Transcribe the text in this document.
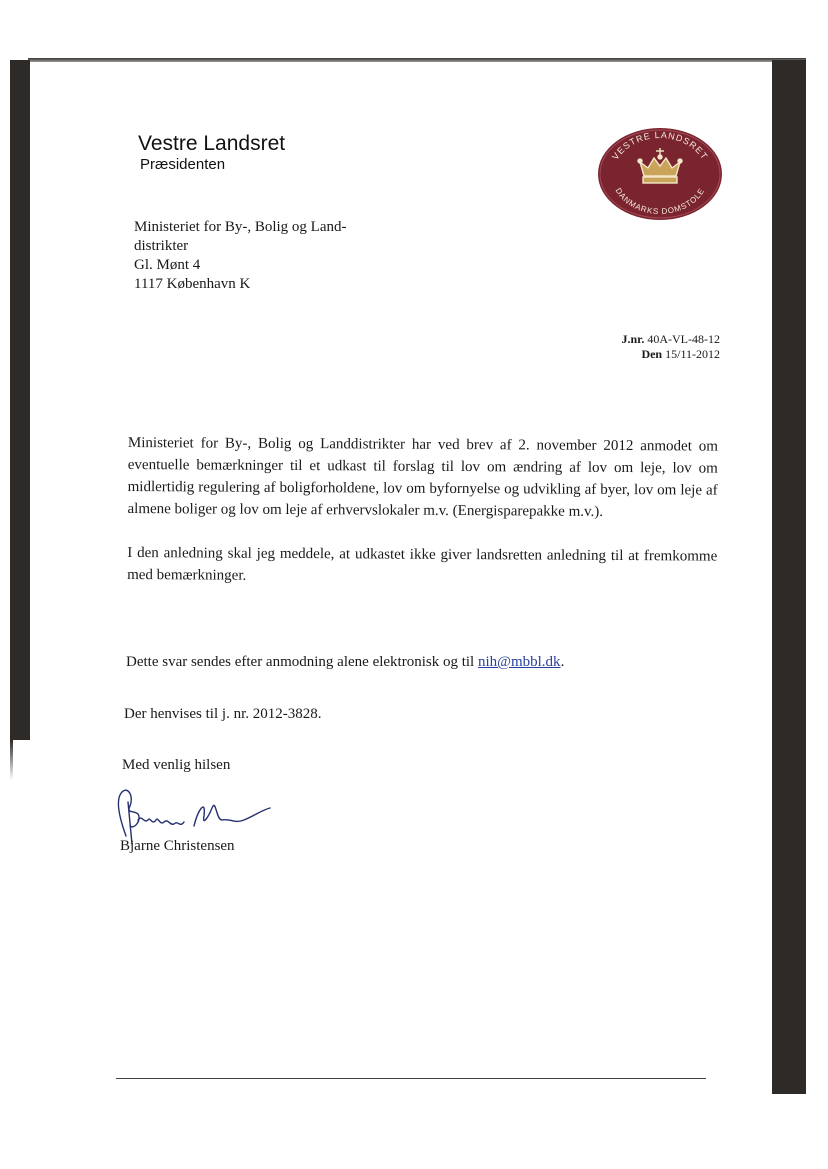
Vestre Landsret
Præsidenten
VESTRE LANDSRET
DANMARKS DOMSTOLE
Ministeriet for By-, Bolig og Land-
distrikter
Gl. Mønt 4
1117 København K
J.nr. 40A-VL-48-12
Den 15/11-2012

Ministeriet for By-, Bolig og Landdistrikter har ved brev af 2. november 2012 anmodet om eventuelle bemærkninger til et udkast til forslag til lov om ændring af lov om leje, lov om midlertidig regulering af boligforholdene, lov om byfornyelse og udvikling af byer, lov om leje af almene boliger og lov om leje af erhvervslokaler m.v. (Energisparepakke m.v.).

I den anledning skal jeg meddele, at udkastet ikke giver landsretten anledning til at fremkomme med bemærkninger.

Dette svar sendes efter anmodning alene elektronisk og til nih@mbbl.dk.
Der henvises til j. nr. 2012-3828.
Med venlig hilsen
Bjarne Christensen
